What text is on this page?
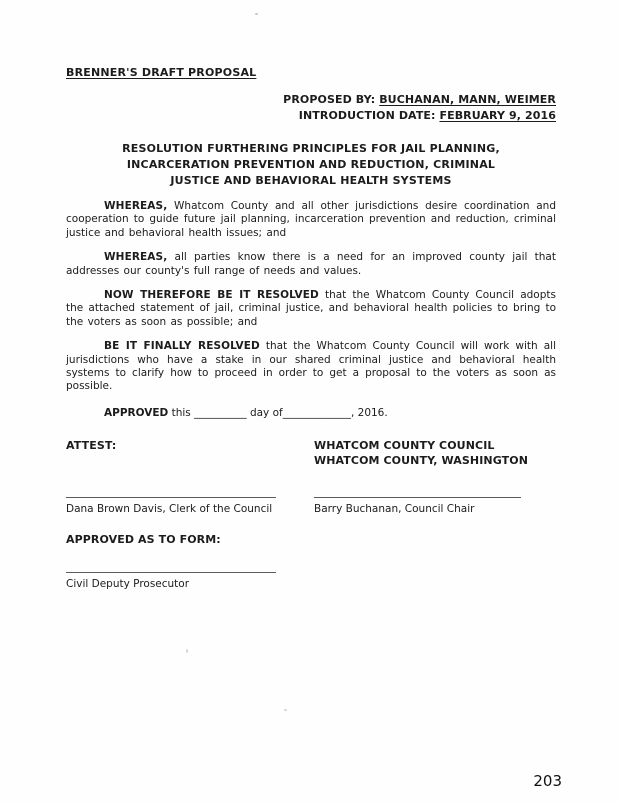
BRENNER'S DRAFT PROPOSAL
PROPOSED BY: BUCHANAN, MANN, WEIMER
INTRODUCTION DATE: FEBRUARY 9, 2016
RESOLUTION FURTHERING PRINCIPLES FOR JAIL PLANNING,
INCARCERATION PREVENTION AND REDUCTION, CRIMINAL
JUSTICE AND BEHAVIORAL HEALTH SYSTEMS

WHEREAS, Whatcom County and all other jurisdictions desire coordination and cooperation to guide future jail planning, incarceration prevention and reduction, criminal justice and behavioral health issues; and

WHEREAS, all parties know there is a need for an improved county jail that addresses our county's full range of needs and values.

NOW THEREFORE BE IT RESOLVED that the Whatcom County Council adopts the attached statement of jail, criminal justice, and behavioral health policies to bring to the voters as soon as possible; and

BE IT FINALLY RESOLVED that the Whatcom County Council will work with all jurisdictions who have a stake in our shared criminal justice and behavioral health systems to clarify how to proceed in order to get a proposal to the voters as soon as possible.

APPROVED this __________ day of_____________, 2016.

ATTEST:
Dana Brown Davis, Clerk of the Council
APPROVED AS TO FORM:
Civil Deputy Prosecutor
WHATCOM COUNTY COUNCIL
WHATCOM COUNTY, WASHINGTON
Barry Buchanan, Council Chair
203
